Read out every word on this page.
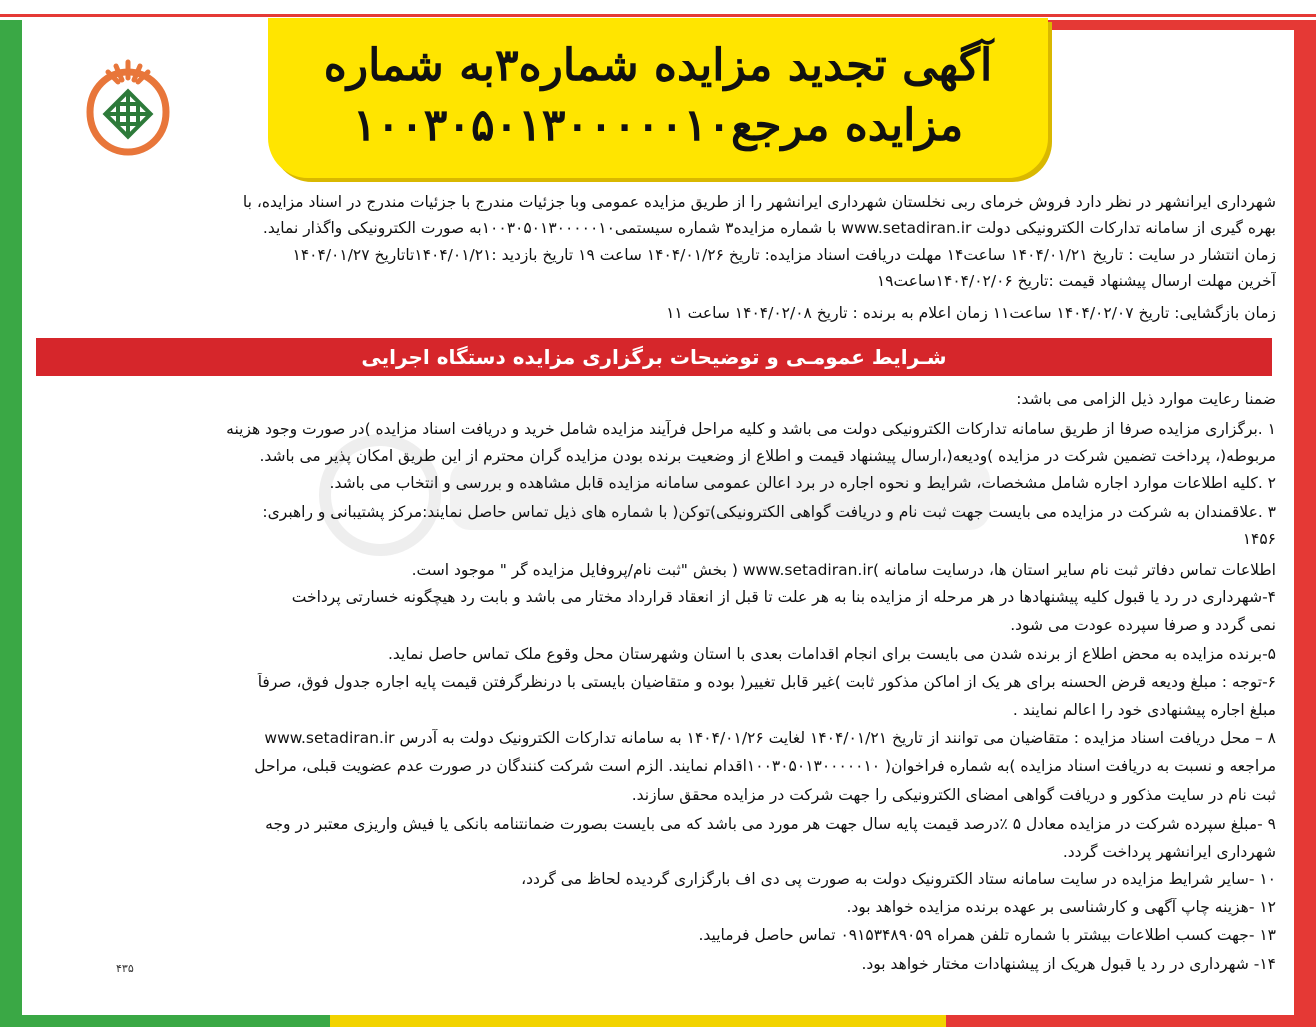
آگهی تجدید مزایده شماره۳به شماره
مزایده مرجع۱۰۰۳۰۵۰۱۳۰۰۰۰۰۱۰
شهرداری ایرانشهر در نظر دارد فروش خرمای ربی نخلستان شهرداری ایرانشهر را از طریق مزایده عمومی وبا جزئیات مندرج با جزئیات مندرج در اسناد مزایده، با
بهره گیری از سامانه تدارکات الکترونیکی دولت www.setadiran.ir با شماره مزایده۳ شماره سیستمی۱۰۰۳۰۵۰۱۳۰۰۰۰۰۱۰به صورت الکترونیکی واگذار نماید.
زمان انتشار در سایت : تاریخ ۱۴۰۴/۰۱/۲۱ ساعت۱۴ مهلت دریافت اسناد مزایده: تاریخ ۱۴۰۴/۰۱/۲۶ ساعت ۱۹ تاریخ بازدید :۱۴۰۴/۰۱/۲۱تاتاریخ ۱۴۰۴/۰۱/۲۷
آخرین مهلت ارسال پیشنهاد قیمت :تاریخ ۱۴۰۴/۰۲/۰۶ساعت۱۹
زمان بازگشایی: تاریخ ۱۴۰۴/۰۲/۰۷ ساعت۱۱ زمان اعلام به برنده : تاریخ ۱۴۰۴/۰۲/۰۸ ساعت ۱۱
شـرایط عمومـی و توضیحات برگزاری مزایده دستگاه اجرایی
ضمنا رعایت موارد ذیل الزامی می باشد:
۱ .برگزاری مزایده صرفا از طریق سامانه تدارکات الکترونیکی دولت می باشد و کلیه مراحل فرآیند مزایده شامل خرید و دریافت اسناد مزایده )در صورت وجود هزینه
مربوطه(، پرداخت تضمین شرکت در مزایده )ودیعه(،ارسال پیشنهاد قیمت و اطلاع از وضعیت برنده بودن مزایده گران محترم از این طریق امکان پذیر می باشد.
۲ .کلیه اطلاعات موارد اجاره شامل مشخصات، شرایط و نحوه اجاره در برد اعالن عمومی سامانه مزایده قابل مشاهده و بررسی و انتخاب می باشد.
۳ .علاقمندان به شرکت در مزایده می بایست جهت ثبت نام و دریافت گواهی الکترونیکی)توکن( با شماره های ذیل تماس حاصل نمایند:مرکز پشتیبانی و راهبری:
۱۴۵۶
اطلاعات تماس دفاتر ثبت نام سایر استان ها، درسایت سامانه )www.setadiran.ir ( بخش "ثبت نام/پروفایل مزایده گر " موجود است.
۴-شهرداری در رد یا قبول کلیه پیشنهادها در هر مرحله از مزایده بنا به هر علت تا قبل از انعقاد قرارداد مختار می باشد و بابت رد هیچگونه خسارتی پرداخت
نمی گردد و صرفا سپرده عودت می شود.
۵-برنده مزایده به محض اطلاع از برنده شدن می بایست برای انجام اقدامات بعدی با استان وشهرستان محل وقوع ملک تماس حاصل نماید.
۶-توجه : مبلغ ودیعه قرض الحسنه برای هر یک از اماکن مذکور ثابت )غیر قابل تغییر( بوده و متقاضیان بایستی با درنظرگرفتن قیمت پایه اجاره جدول فوق، صرفاً
مبلغ اجاره پیشنهادی خود را اعالم نمایند .
۸ – محل دریافت اسناد مزایده : متقاضیان می توانند از تاریخ ۱۴۰۴/۰۱/۲۱ لغایت ۱۴۰۴/۰۱/۲۶ به سامانه تدارکات الکترونیک دولت به آدرس www.setadiran.ir
مراجعه و نسبت به دریافت اسناد مزایده )به شماره فراخوان( ۱۰۰۳۰۵۰۱۳۰۰۰۰۰۱۰اقدام نمایند. الزم است شرکت کنندگان در صورت عدم عضویت قبلی، مراحل
ثبت نام در سایت مذکور و دریافت گواهی امضای الکترونیکی را جهت شرکت در مزایده محقق سازند.
۹ -مبلغ سپرده شرکت در مزایده معادل ۵ ٪درصد قیمت پایه سال جهت هر مورد می باشد که می بایست بصورت ضمانتنامه بانکی یا فیش واریزی معتبر در وجه
شهرداری ایرانشهر پرداخت گردد.
۱۰ -سایر شرایط مزایده در سایت سامانه ستاد الکترونیک دولت به صورت پی دی اف بارگزاری گردیده لحاظ می گردد،
۱۲ -هزینه چاپ آگهی و کارشناسی بر عهده برنده مزایده خواهد بود.
۱۳ -جهت کسب اطلاعات بیشتر با شماره تلفن همراه ۰۹۱۵۳۴۸۹۰۵۹ تماس حاصل فرمایید.
۱۴- شهرداری در رد یا قبول هریک از پیشنهادات مختار خواهد بود.
۴۳۵
